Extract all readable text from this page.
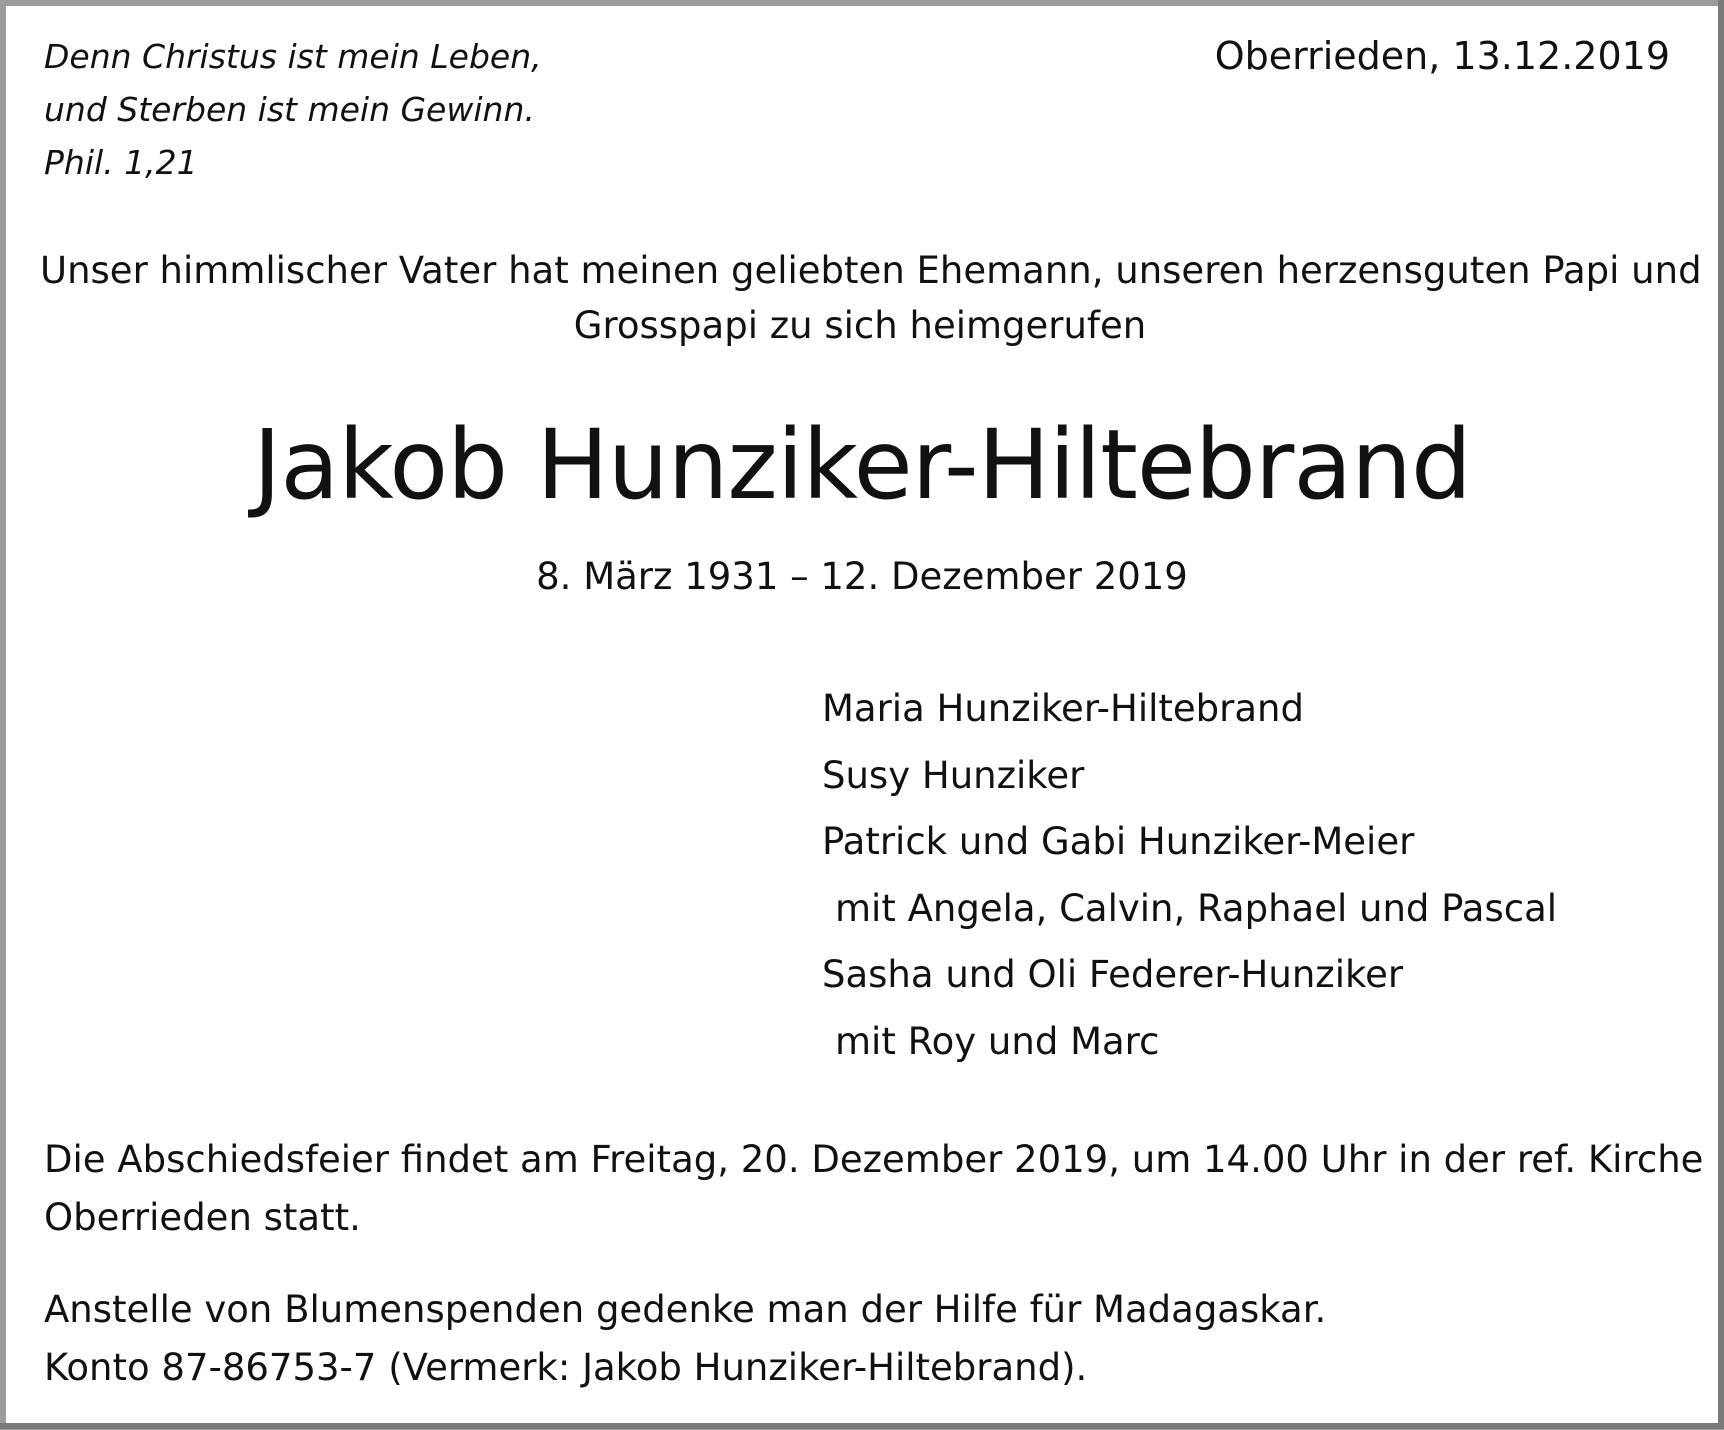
Denn Christus ist mein Leben,
und Sterben ist mein Gewinn.
Phil. 1,21
Oberrieden, 13.12.2019
Unser himmlischer Vater hat meinen geliebten Ehemann, unseren herzensguten Papi und
Grosspapi zu sich heimgerufen
Jakob Hunziker-Hiltebrand
8. März 1931 – 12. Dezember 2019
Maria Hunziker-Hiltebrand
Susy Hunziker
Patrick und Gabi Hunziker-Meier
mit Angela, Calvin, Raphael und Pascal
Sasha und Oli Federer-Hunziker
mit Roy und Marc
Die Abschiedsfeier findet am Freitag, 20. Dezember 2019, um 14.00 Uhr in der ref. Kirche
Oberrieden statt.
Anstelle von Blumenspenden gedenke man der Hilfe für Madagaskar.
Konto 87-86753-7 (Vermerk: Jakob Hunziker-Hiltebrand).
